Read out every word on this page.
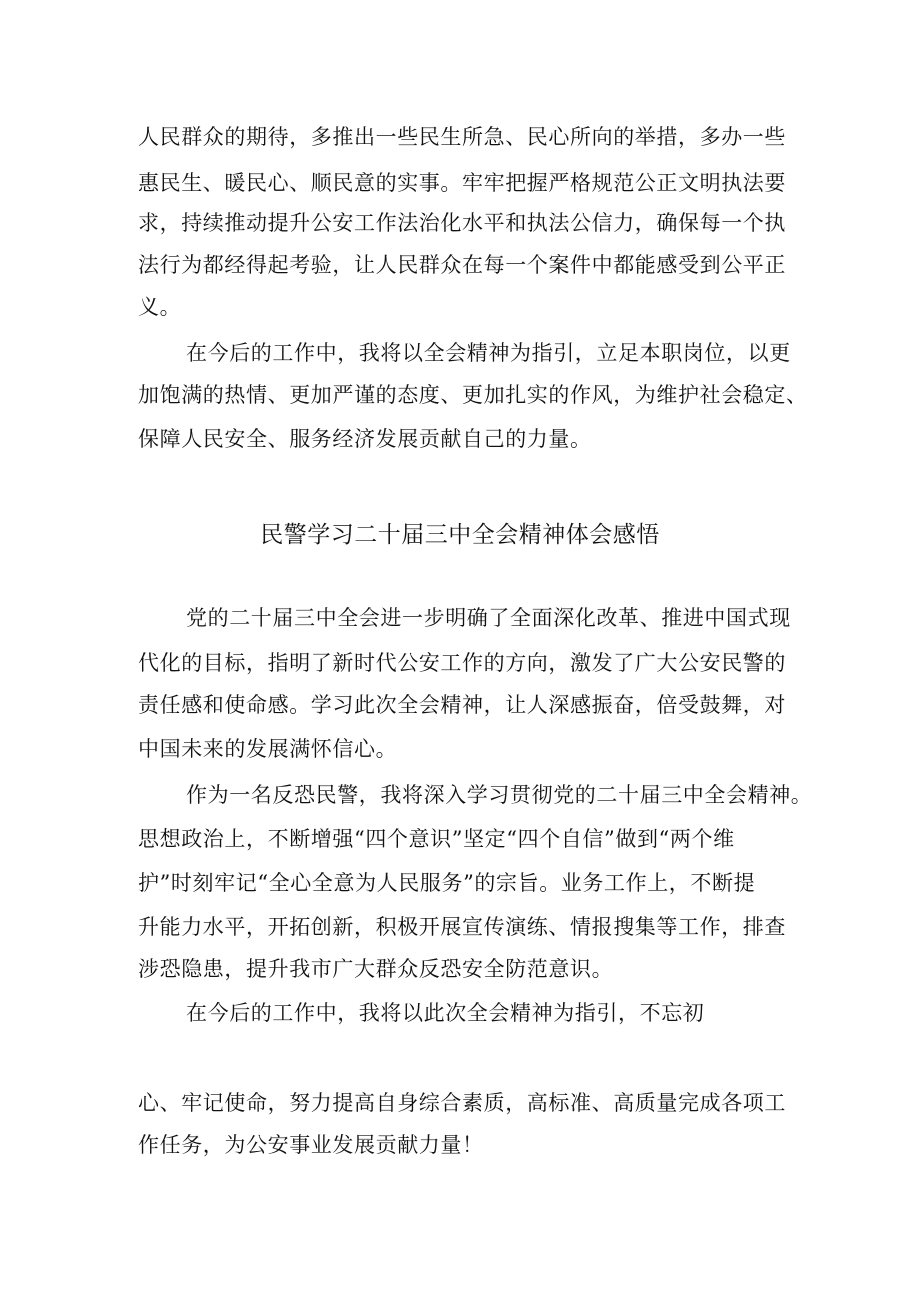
人民群众的期待，多推出一些民生所急、民心所向的举措，多办一些
惠民生、暖民心、顺民意的实事。牢牢把握严格规范公正文明执法要
求，持续推动提升公安工作法治化水平和执法公信力，确保每一个执
法行为都经得起考验，让人民群众在每一个案件中都能感受到公平正
义。
在今后的工作中，我将以全会精神为指引，立足本职岗位，以更
加饱满的热情、更加严谨的态度、更加扎实的作风，为维护社会稳定、
保障人民安全、服务经济发展贡献自己的力量。
民警学习二十届三中全会精神体会感悟
党的二十届三中全会进一步明确了全面深化改革、推进中国式现
代化的目标，指明了新时代公安工作的方向，激发了广大公安民警的
责任感和使命感。学习此次全会精神，让人深感振奋，倍受鼓舞，对
中国未来的发展满怀信心。
作为一名反恐民警，我将深入学习贯彻党的二十届三中全会精神。
思想政治上，不断增强“四个意识”坚定“四个自信”做到“两个维
护”时刻牢记“全心全意为人民服务”的宗旨。业务工作上，不断提
升能力水平，开拓创新，积极开展宣传演练、情报搜集等工作，排查
涉恐隐患，提升我市广大群众反恐安全防范意识。
在今后的工作中，我将以此次全会精神为指引，不忘初
心、牢记使命，努力提高自身综合素质，高标准、高质量完成各项工
作任务，为公安事业发展贡献力量！
